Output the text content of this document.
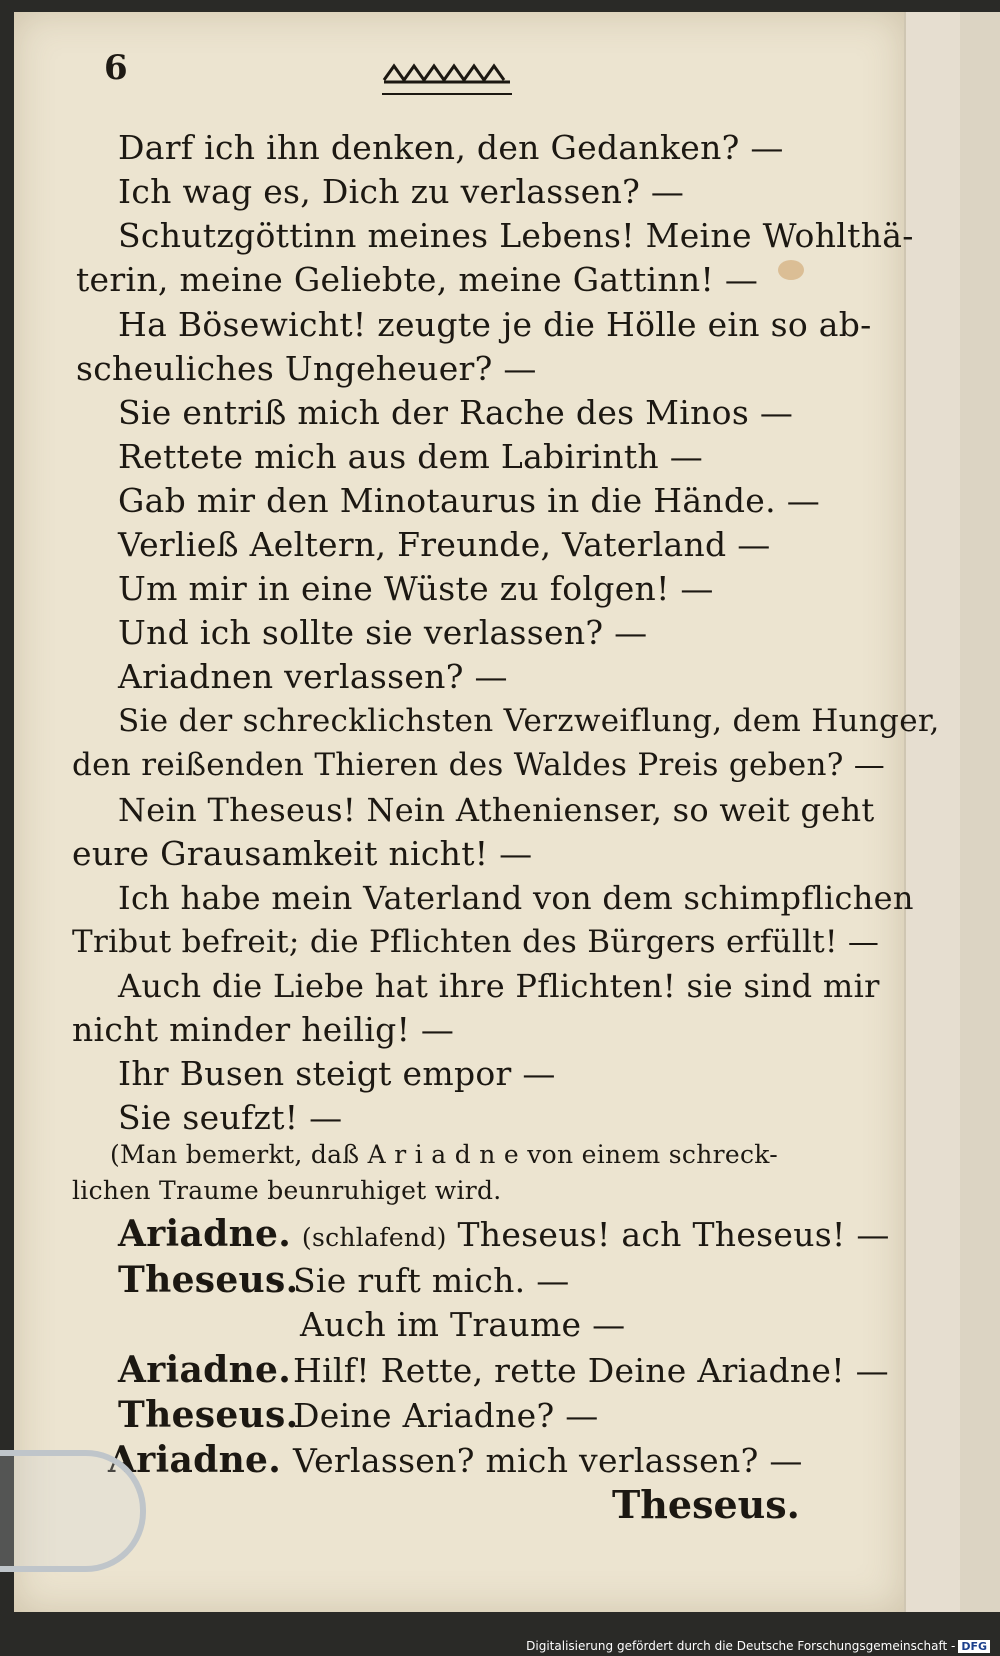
6
Darf ich ihn denken, den Gedanken? —
Ich wag es, Dich zu verlassen? —
Schutzgöttinn meines Lebens! Meine Wohlthä-
terin, meine Geliebte, meine Gattinn! —
Ha Bösewicht! zeugte je die Hölle ein so ab-
scheuliches Ungeheuer? —
Sie entriß mich der Rache des Minos —
Rettete mich aus dem Labirinth —
Gab mir den Minotaurus in die Hände. —
Verließ Aeltern, Freunde, Vaterland —
Um mir in eine Wüste zu folgen! —
Und ich sollte sie verlassen? —
Ariadnen verlassen? —
Sie der schrecklichsten Verzweiflung, dem Hunger,
den reißenden Thieren des Waldes Preis geben? —
Nein Theseus! Nein Athenienser, so weit geht
eure Grausamkeit nicht! —
Ich habe mein Vaterland von dem schimpflichen
Tribut befreit; die Pflichten des Bürgers erfüllt! —
Auch die Liebe hat ihre Pflichten! sie sind mir
nicht minder heilig! —
Ihr Busen steigt empor —
Sie seufzt! —
(Man bemerkt, daß A r i a d n e von einem schreck-
lichen Traume beunruhiget wird.
Ariadne. (schlafend) Theseus! ach Theseus! —
Theseus.Sie ruft mich. —
Auch im Traume —
Ariadne.Hilf! Rette, rette Deine Ariadne! —
Theseus.Deine Ariadne? —
Ariadne. Verlassen? mich verlassen? —
Theseus.
Digitalisierung gefördert durch die Deutsche Forschungsgemeinschaft - DFG
